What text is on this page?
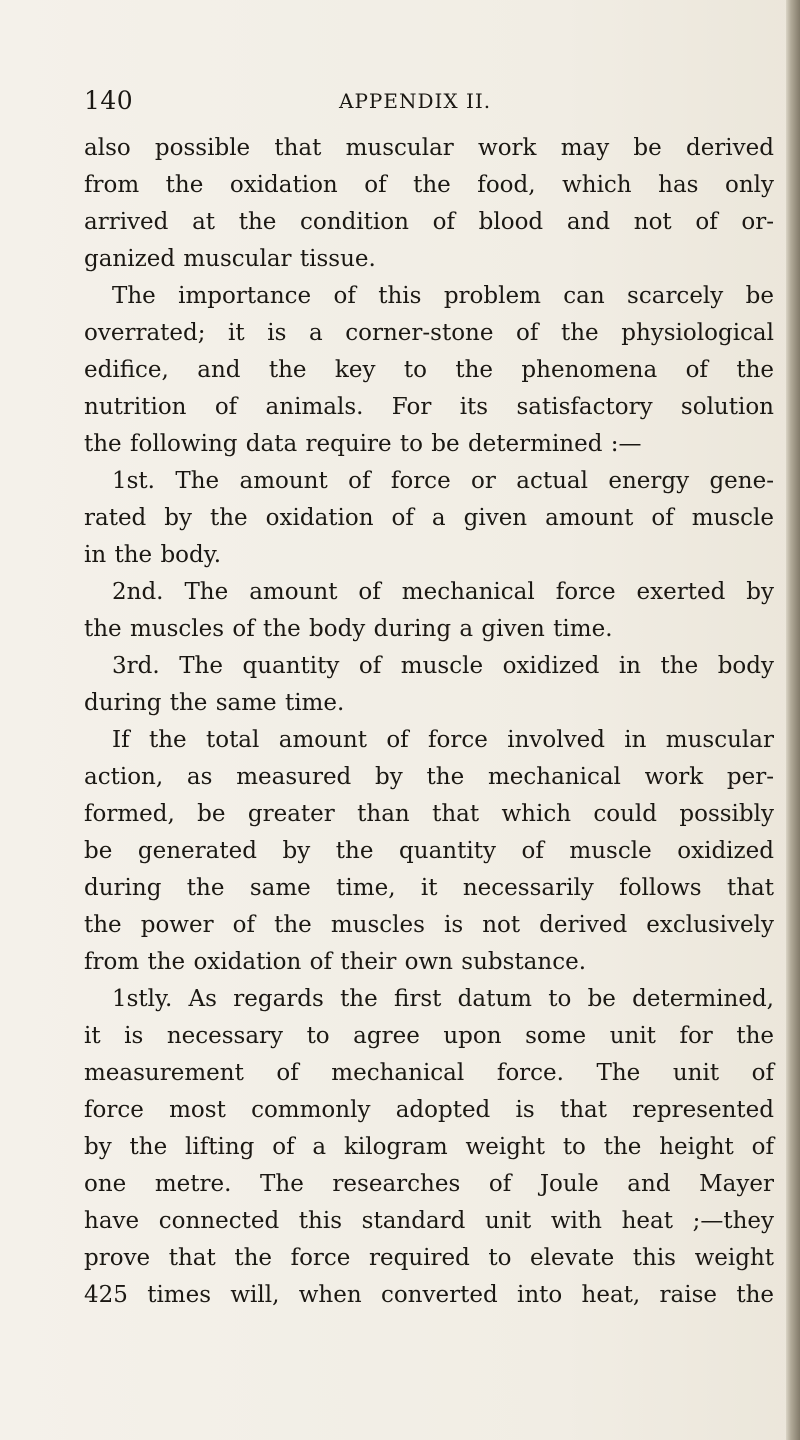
140	APPENDIX II.
also possible that muscular work may be derived
from the oxidation of the food, which has only
arrived at the condition of blood and not of or-
ganized muscular tissue.
The importance of this problem can scarcely be
overrated; it is a corner-stone of the physiological
edifice, and the key to the phenomena of the
nutrition of animals. For its satisfactory solution
the following data require to be determined :—
1st. The amount of force or actual energy gene-
rated by the oxidation of a given amount of muscle
in the body.
2nd. The amount of mechanical force exerted by
the muscles of the body during a given time.
3rd. The quantity of muscle oxidized in the body
during the same time.
If the total amount of force involved in muscular
action, as measured by the mechanical work per-
formed, be greater than that which could possibly
be generated by the quantity of muscle oxidized
during the same time, it necessarily follows that
the power of the muscles is not derived exclusively
from the oxidation of their own substance.
1stly. As regards the first datum to be determined,
it is necessary to agree upon some unit for the
measurement of mechanical force. The unit of
force most commonly adopted is that represented
by the lifting of a kilogram weight to the height of
one metre. The researches of Joule and Mayer
have connected this standard unit with heat ;—they
prove that the force required to elevate this weight
425 times will, when converted into heat, raise the
